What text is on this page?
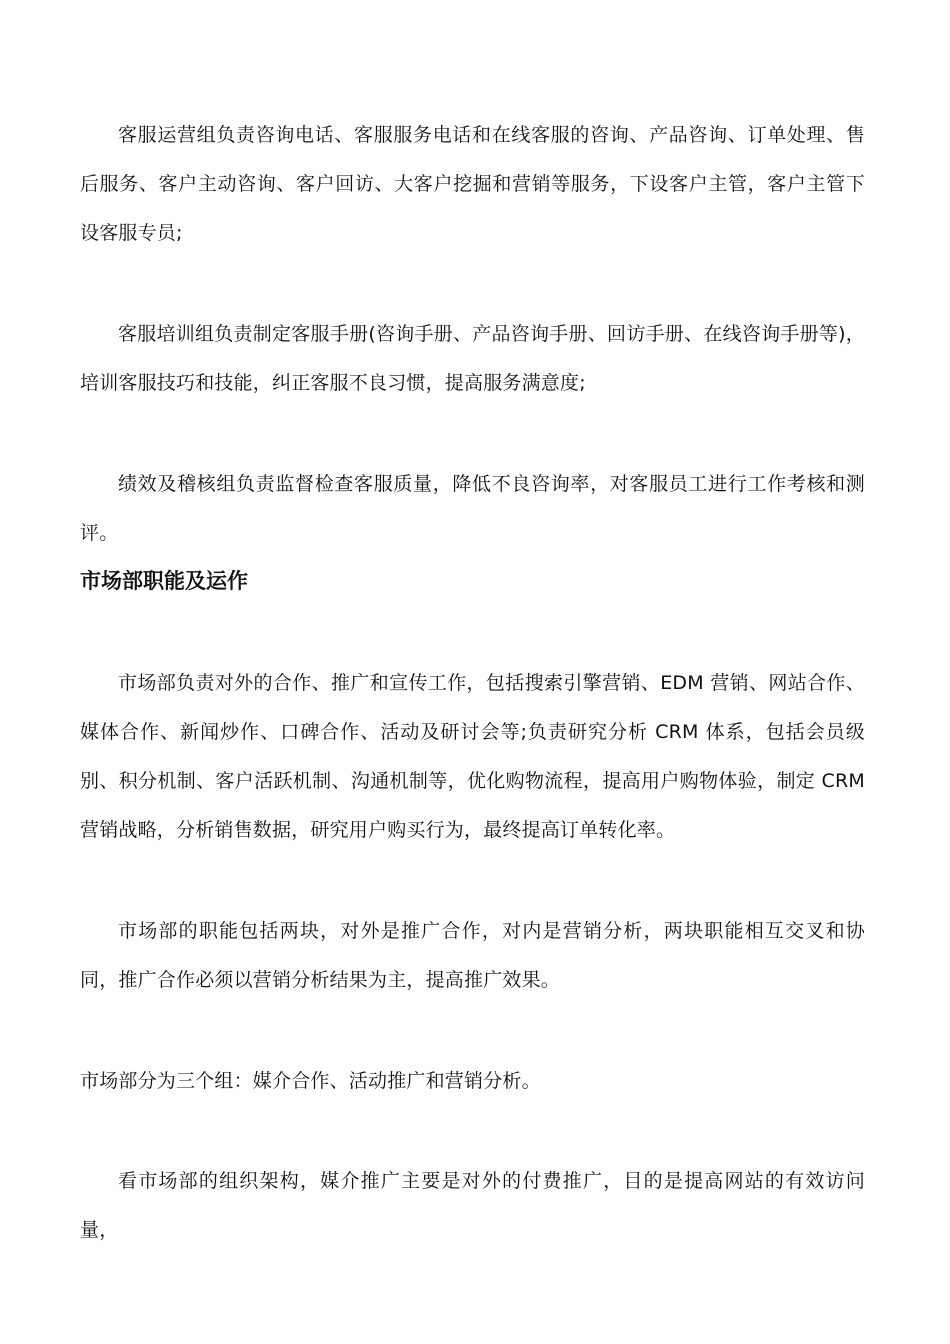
客服运营组负责咨询电话、客服服务电话和在线客服的咨询、产品咨询、订单处理、售后服务、客户主动咨询、客户回访、大客户挖掘和营销等服务，下设客户主管，客户主管下设客服专员;

客服培训组负责制定客服手册(咨询手册、产品咨询手册、回访手册、在线咨询手册等)，培训客服技巧和技能，纠正客服不良习惯，提高服务满意度;

绩效及稽核组负责监督检查客服质量，降低不良咨询率，对客服员工进行工作考核和测评。

市场部职能及运作

市场部负责对外的合作、推广和宣传工作，包括搜索引擎营销、EDM 营销、网站合作、媒体合作、新闻炒作、口碑合作、活动及研讨会等;负责研究分析 CRM 体系，包括会员级别、积分机制、客户活跃机制、沟通机制等，优化购物流程，提高用户购物体验，制定 CRM 营销战略，分析销售数据，研究用户购买行为，最终提高订单转化率。

市场部的职能包括两块，对外是推广合作，对内是营销分析，两块职能相互交叉和协同，推广合作必须以营销分析结果为主，提高推广效果。

市场部分为三个组：媒介合作、活动推广和营销分析。

看市场部的组织架构，媒介推广主要是对外的付费推广，目的是提高网站的有效访问量，
